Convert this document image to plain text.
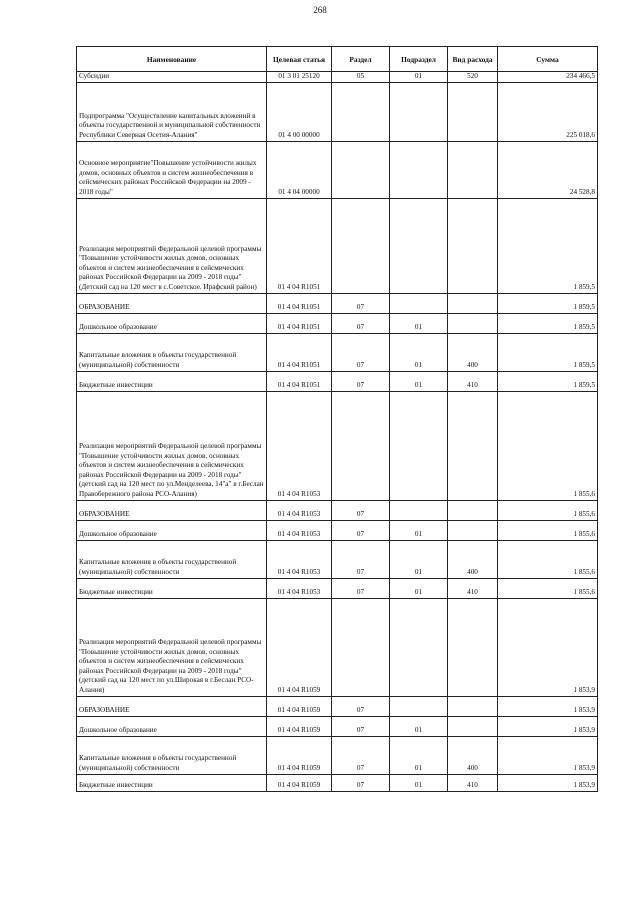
268
Наименование	Целевая статья	Раздел	Подраздел	Вид расхода	Сумма
Субсидии	01 3 01 25120	05	01	520	234 466,5
Подпрограмма "Осуществление капитальных вложений в объекты государственной и муниципальной собственности Республики Северная Осетия-Алания"	01 4 00 00000				225 018,6
Основное мероприятие"Повышение устойчивости жилых домов, основных объектов и систем жизнеобеспечения в сейсмических районах Российской Федерации на 2009 - 2018 годы"	01 4 04 00000				24 528,8
Реализация мероприятий Федеральной целевой программы "Повышение устойчивости жилых домов, основных объектов и систем жизнеобеспечения в сейсмических районах Российской Федерации на 2009 - 2018 годы" (Детский сад на 120 мест в с.Советское. Ирафский район)	01 4 04 R1051				1 859,5
ОБРАЗОВАНИЕ	01 4 04 R1051	07			1 859,5
Дошкольное образование	01 4 04 R1051	07	01		1 859,5
Капитальные вложения в объекты государственной (муниципальной) собственности	01 4 04 R1051	07	01	400	1 859,5
Бюджетные инвестиции	01 4 04 R1051	07	01	410	1 859,5
Реализация мероприятий Федеральной целевой программы "Повышение устойчивости жилых домов, основных объектов и систем жизнеобеспечения в сейсмических районах Российской Федерации на 2009 - 2018 годы" (детский сад на 120 мест по ул.Менделеева, 14"а" в г.Беслан Правобережного района РСО-Алания)	01 4 04 R1053				1 855,6
ОБРАЗОВАНИЕ	01 4 04 R1053	07			1 855,6
Дошкольное образование	01 4 04 R1053	07	01		1 855,6
Капитальные вложения в объекты государственной (муниципальной) собственности	01 4 04 R1053	07	01	400	1 855,6
Бюджетные инвестиции	01 4 04 R1053	07	01	410	1 855,6
Реализация мероприятий Федеральной целевой программы "Повышение устойчивости жилых домов, основных объектов и систем жизнеобеспечения в сейсмических районах Российской Федерации на 2009 - 2018 годы" (детский сад на 120 мест по ул.Широкая в г.Беслан РСО-Алания)	01 4 04 R1059				1 853,9
ОБРАЗОВАНИЕ	01 4 04 R1059	07			1 853,9
Дошкольное образование	01 4 04 R1059	07	01		1 853,9
Капитальные вложения в объекты государственной (муниципальной) собственности	01 4 04 R1059	07	01	400	1 853,9
Бюджетные инвестиции	01 4 04 R1059	07	01	410	1 853,9
